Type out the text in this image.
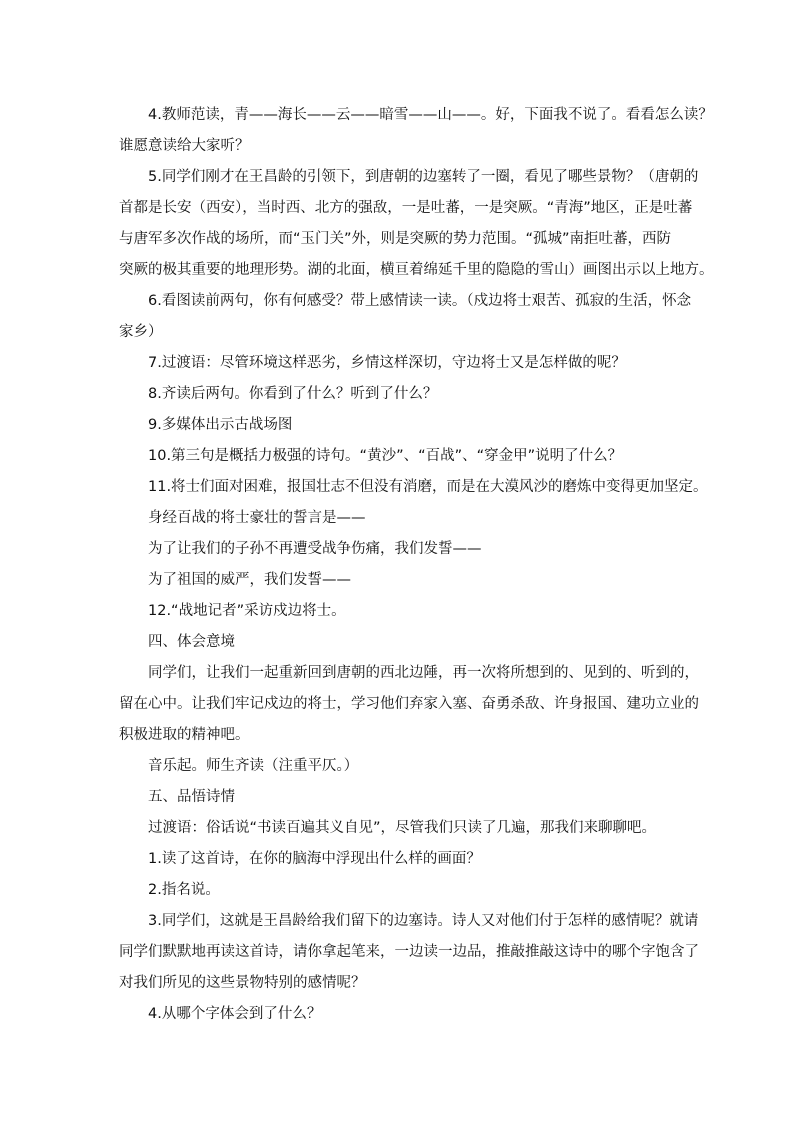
4.教师范读，青——海长——云——暗雪——山——。好，下面我不说了。看看怎么读？
谁愿意读给大家听？
5.同学们刚才在王昌龄的引领下，到唐朝的边塞转了一圈，看见了哪些景物？（唐朝的
首都是长安（西安），当时西、北方的强敌，一是吐蕃，一是突厥。“青海”地区，正是吐蕃
与唐军多次作战的场所，而“玉门关”外，则是突厥的势力范围。“孤城”南拒吐蕃，西防
突厥的极其重要的地理形势。湖的北面，横亘着绵延千里的隐隐的雪山）画图出示以上地方。
6.看图读前两句，你有何感受？带上感情读一读。（戍边将士艰苦、孤寂的生活，怀念
家乡）
7.过渡语：尽管环境这样恶劣，乡情这样深切，守边将士又是怎样做的呢？
8.齐读后两句。你看到了什么？听到了什么？
9.多媒体出示古战场图
10.第三句是概括力极强的诗句。“黄沙”、“百战”、“穿金甲”说明了什么？
11.将士们面对困难，报国壮志不但没有消磨，而是在大漠风沙的磨炼中变得更加坚定。
身经百战的将士豪壮的誓言是——
为了让我们的子孙不再遭受战争伤痛，我们发誓——
为了祖国的威严，我们发誓——
12.“战地记者”采访戍边将士。
四、体会意境
同学们，让我们一起重新回到唐朝的西北边陲，再一次将所想到的、见到的、听到的，
留在心中。让我们牢记戍边的将士，学习他们弃家入塞、奋勇杀敌、许身报国、建功立业的
积极进取的精神吧。
音乐起。师生齐读（注重平仄。）
五、品悟诗情
过渡语：俗话说“书读百遍其义自见”，尽管我们只读了几遍，那我们来聊聊吧。
1.读了这首诗，在你的脑海中浮现出什么样的画面？
2.指名说。
3.同学们，这就是王昌龄给我们留下的边塞诗。诗人又对他们付于怎样的感情呢？就请
同学们默默地再读这首诗，请你拿起笔来，一边读一边品，推敲推敲这诗中的哪个字饱含了
对我们所见的这些景物特别的感情呢？
4.从哪个字体会到了什么？
